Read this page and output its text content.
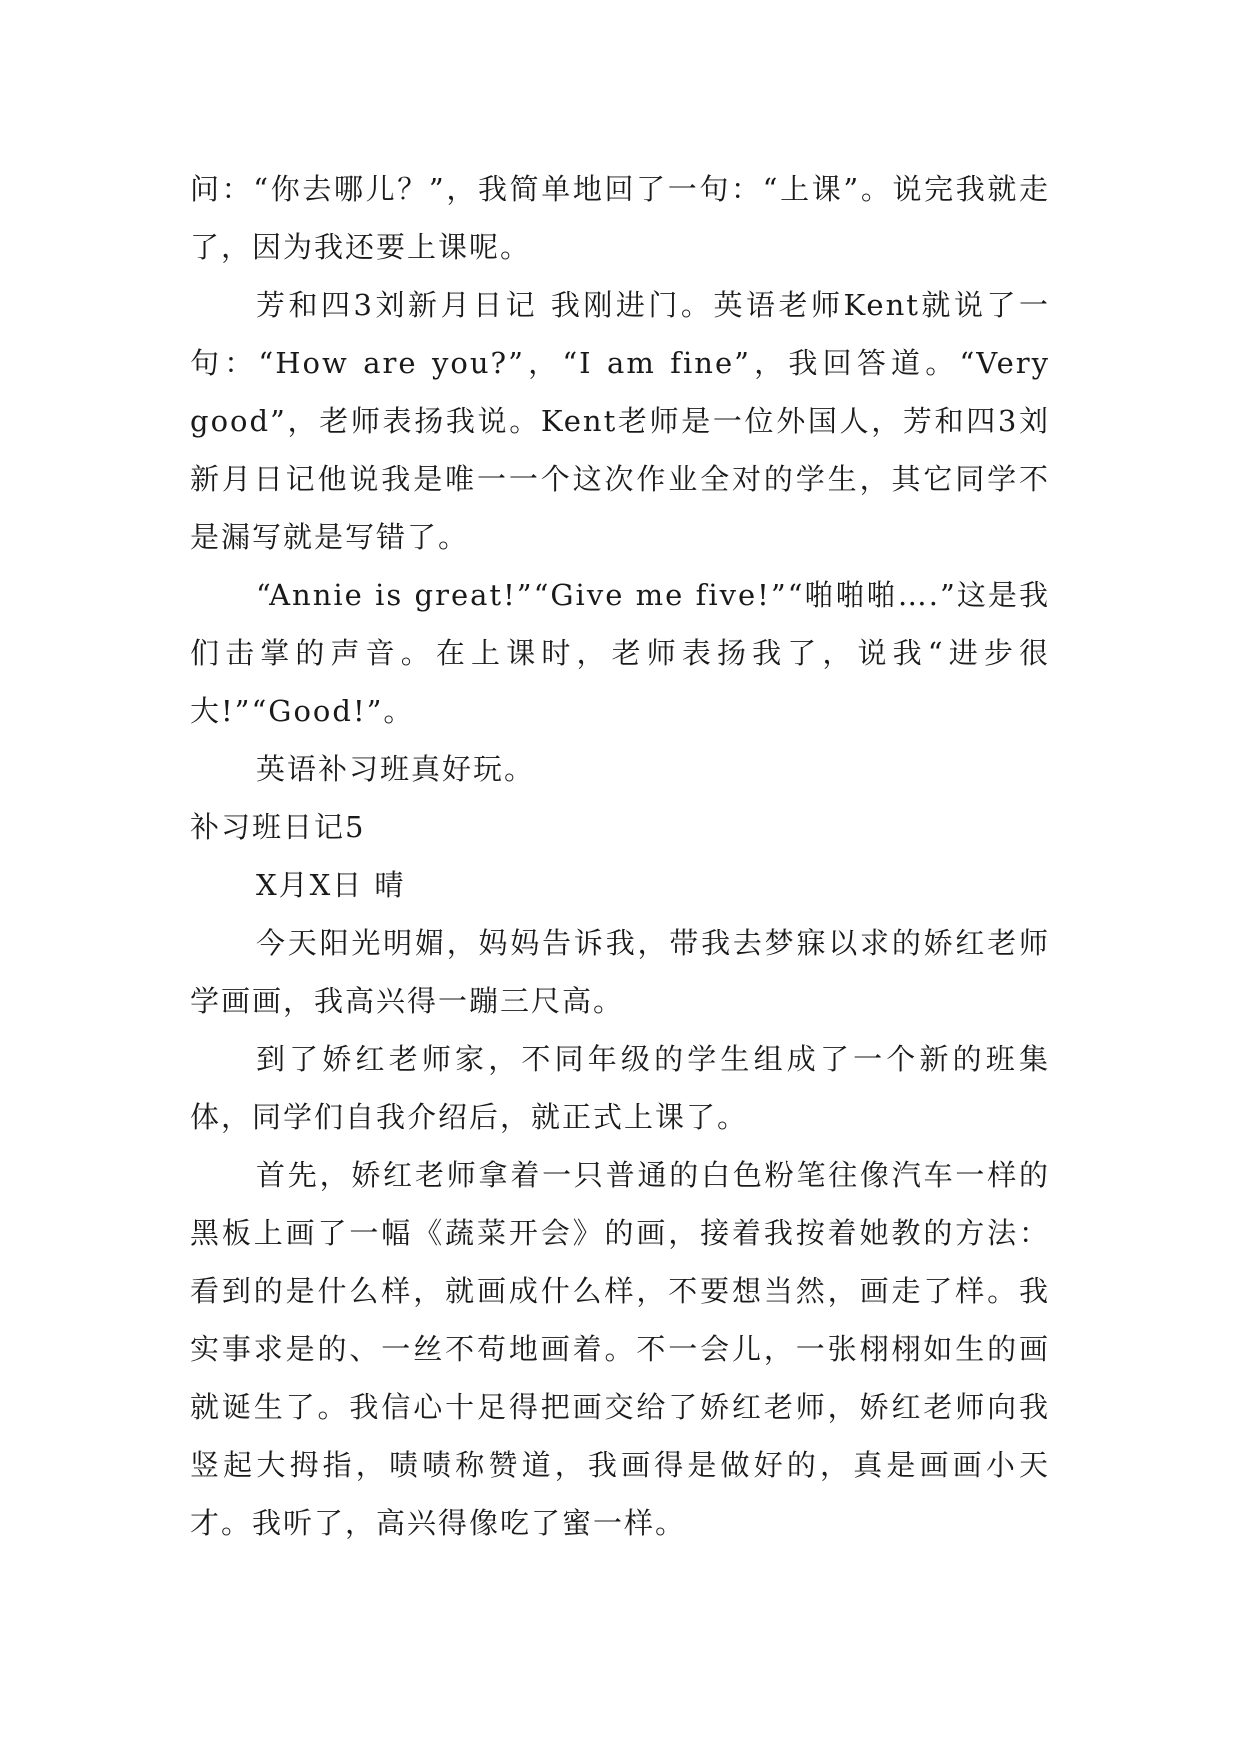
问：“你去哪儿？”，我简单地回了一句：“上课”。说完我就走了，因为我还要上课呢。

芳和四3刘新月日记 我刚进门。英语老师Kent就说了一句：“How are you?”，“I am fine”，我回答道。“Very good”，老师表扬我说。Kent老师是一位外国人，芳和四3刘新月日记他说我是唯一一个这次作业全对的学生，其它同学不是漏写就是写错了。

“Annie is great!”“Give me five!”“啪啪啪….”这是我们击掌的声音。在上课时，老师表扬我了，说我“进步很大!”“Good!”。

英语补习班真好玩。

补习班日记5

X月X日 晴

今天阳光明媚，妈妈告诉我，带我去梦寐以求的娇红老师学画画，我高兴得一蹦三尺高。

到了娇红老师家，不同年级的学生组成了一个新的班集体，同学们自我介绍后，就正式上课了。

首先，娇红老师拿着一只普通的白色粉笔往像汽车一样的黑板上画了一幅《蔬菜开会》的画，接着我按着她教的方法：看到的是什么样，就画成什么样，不要想当然，画走了样。我实事求是的、一丝不苟地画着。不一会儿，一张栩栩如生的画就诞生了。我信心十足得把画交给了娇红老师，娇红老师向我竖起大拇指，啧啧称赞道，我画得是做好的，真是画画小天才。我听了，高兴得像吃了蜜一样。
